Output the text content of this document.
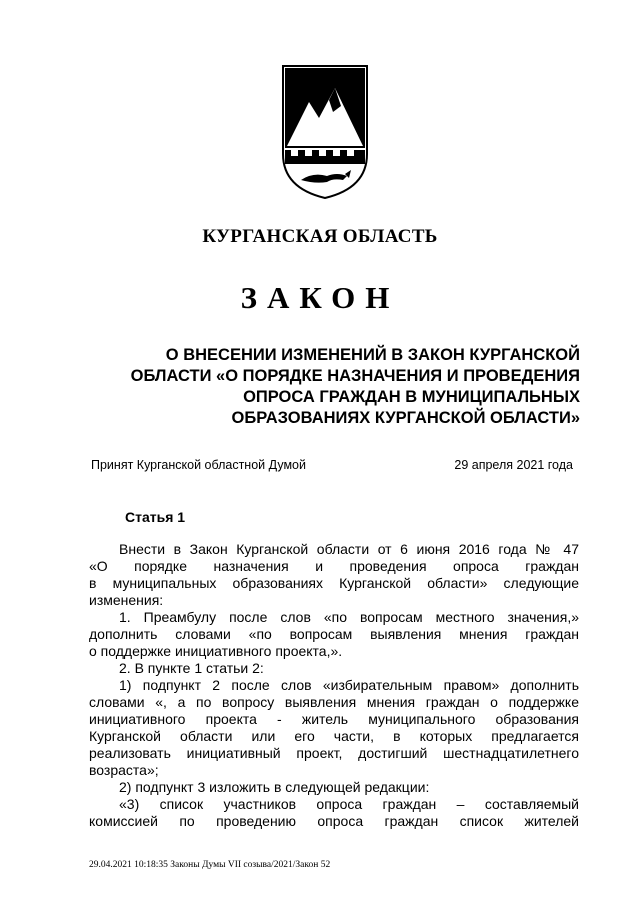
КУРГАНСКАЯ ОБЛАСТЬ
ЗАКОН
О ВНЕСЕНИИ ИЗМЕНЕНИЙ В ЗАКОН КУРГАНСКОЙ
ОБЛАСТИ «О ПОРЯДКЕ НАЗНАЧЕНИЯ И ПРОВЕДЕНИЯ
ОПРОСА ГРАЖДАН В МУНИЦИПАЛЬНЫХ
ОБРАЗОВАНИЯХ КУРГАНСКОЙ ОБЛАСТИ»
Принят Курганской областной Думой	29 апреля 2021 года
Статья 1
Внести в Закон Курганской области от 6 июня 2016 года № 47
«О порядке назначения и проведения опроса граждан
в муниципальных образованиях Курганской области» следующие
изменения:
1. Преамбулу после слов «по вопросам местного значения,»
дополнить словами «по вопросам выявления мнения граждан
о поддержке инициативного проекта,».
2. В пункте 1 статьи 2:
1) подпункт 2 после слов «избирательным правом» дополнить
словами «, а по вопросу выявления мнения граждан о поддержке
инициативного проекта - житель муниципального образования
Курганской области или его части, в которых предлагается
реализовать инициативный проект, достигший шестнадцатилетнего
возраста»;
2) подпункт 3 изложить в следующей редакции:
«3) список участников опроса граждан – составляемый
комиссией по проведению опроса граждан список жителей
29.04.2021 10:18:35 Законы Думы VII созыва/2021/Закон 52
